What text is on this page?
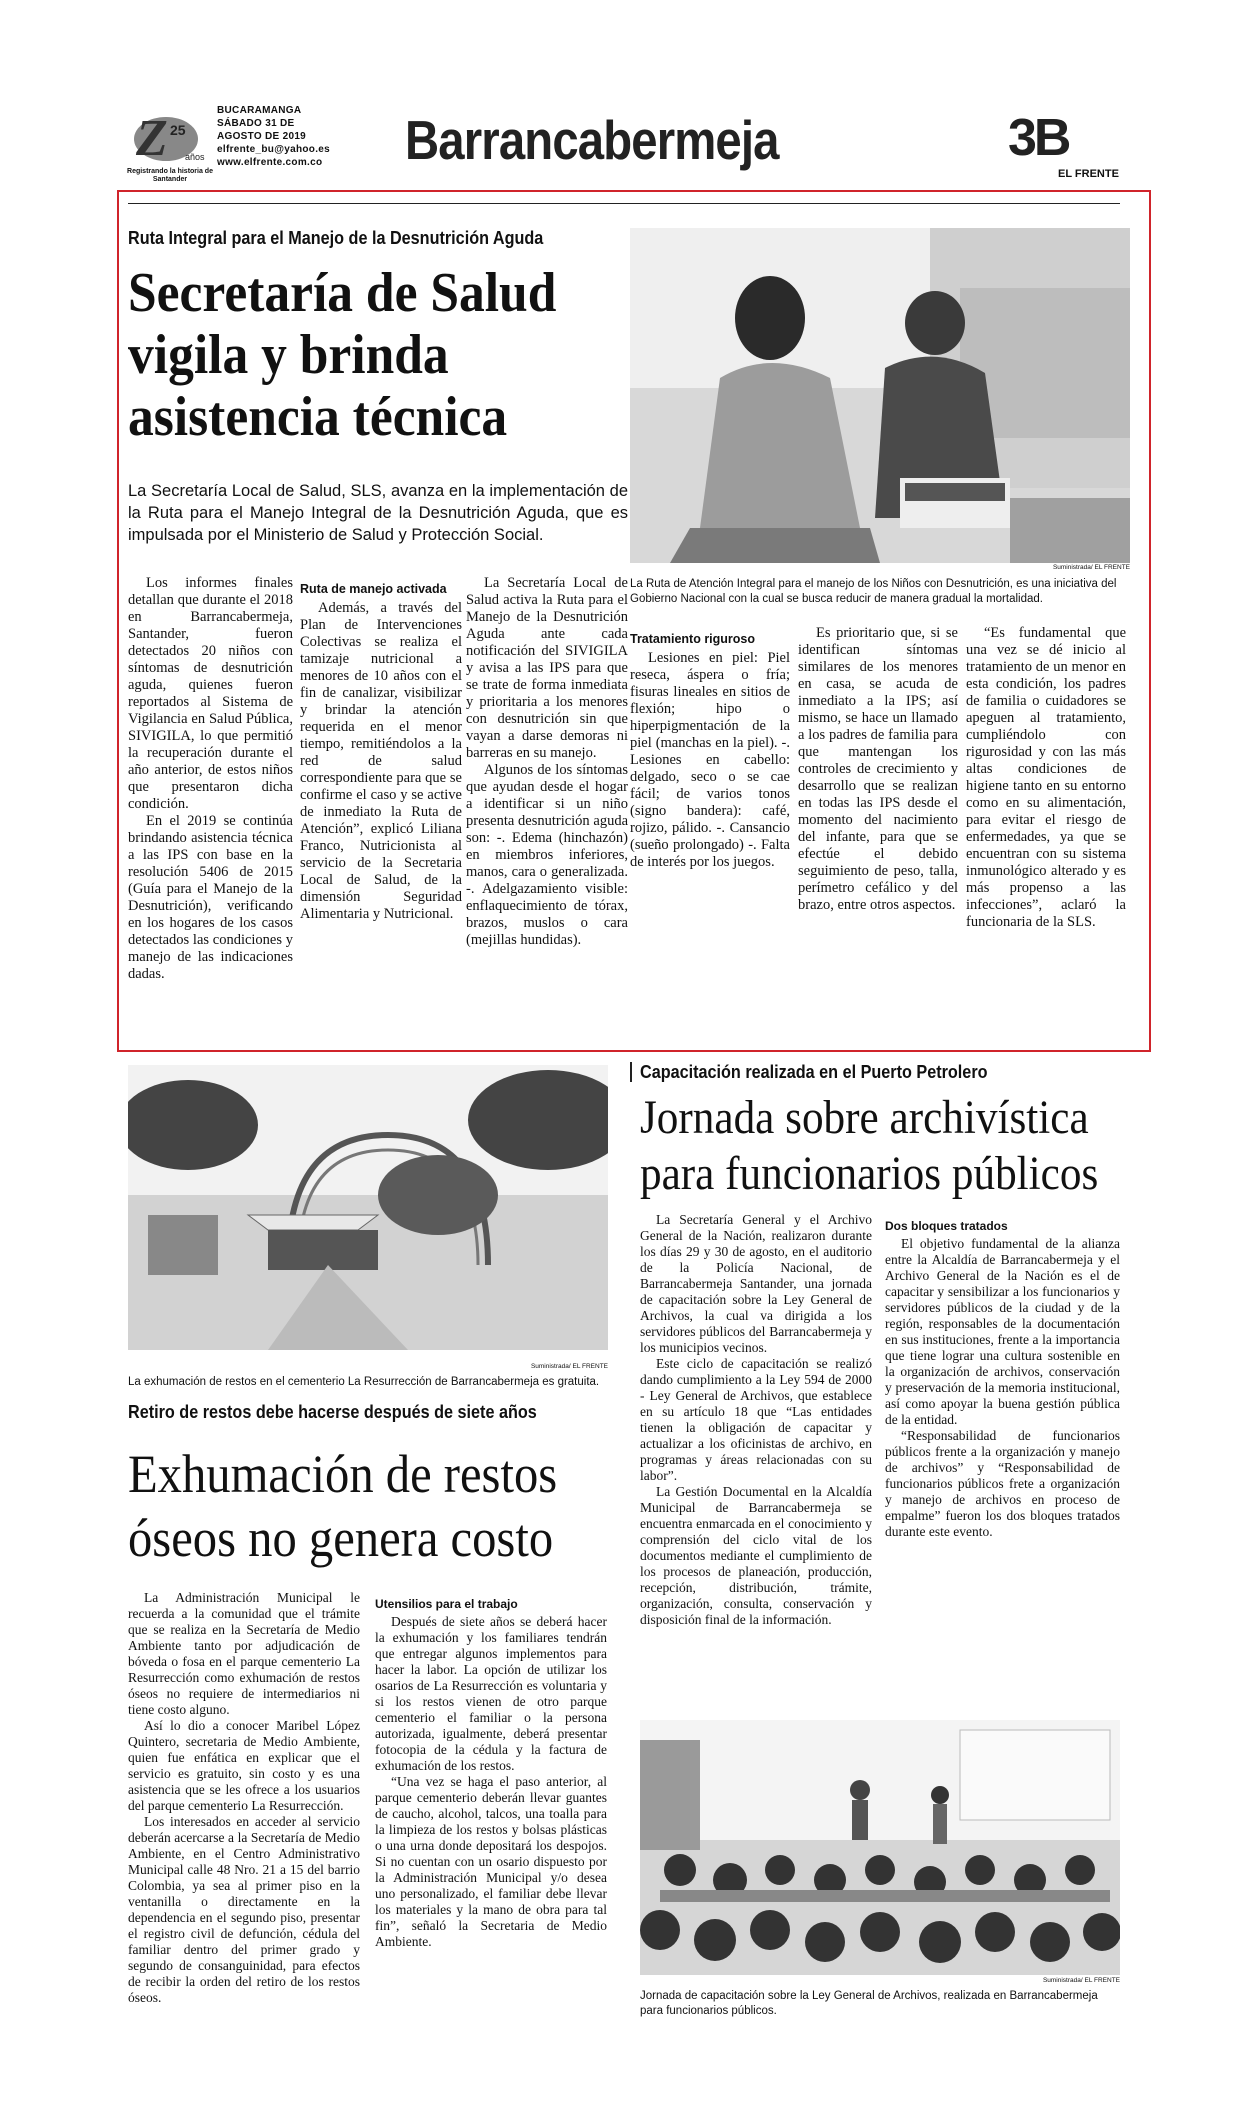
Z 25
años
Registrando la historia de Santander
BUCARAMANGA
SÁBADO 31 DE AGOSTO DE 2019
elfrente_bu@yahoo.es
www.elfrente.com.co Barrancabermeja	3B
EL FRENTE
Ruta Integral para el Manejo de la Desnutrición Aguda
Secretaría de Salud vigila y brinda asistencia técnica
La Secretaría Local de Salud, SLS, avanza en la implementación de la Ruta para el Manejo Integral de la Desnutrición Aguda, que es impulsada por el Ministerio de Salud y Protección Social.
Suministrada/ EL FRENTE
La Ruta de Atención Integral para el manejo de los Niños con Desnutrición, es una iniciativa del Gobierno Nacional con la cual se busca reducir de manera gradual la mortalidad.

Los informes finales detallan que durante el 2018 en Barrancabermeja, Santander, fueron detectados 20 niños con síntomas de desnutrición aguda, quienes fueron reportados al Sistema de Vigilancia en Salud Pública, SIVIGILA, lo que permitió la recuperación durante el año anterior, de estos niños que presentaron dicha condición.

En el 2019 se continúa brindando asistencia técnica a las IPS con base en la resolución 5406 de 2015 (Guía para el Manejo de la Desnutrición), verificando en los hogares de los casos detectados las condiciones y manejo de las indicaciones dadas.

Ruta de manejo activada

Además, a través del Plan de Intervenciones Colectivas se realiza el tamizaje nutricional a menores de 10 años con el fin de canalizar, visibilizar y brindar la atención requerida en el menor tiempo, remitiéndolos a la red de salud correspondiente para que se confirme el caso y se active de inmediato la Ruta de Atención”, explicó Liliana Franco, Nutricionista al servicio de la Secretaria Local de Salud, de la dimensión Seguridad Alimentaria y Nutricional.

La Secretaría Local de Salud activa la Ruta para el Manejo de la Desnutrición Aguda ante cada notificación del SIVIGILA y avisa a las IPS para que se trate de forma inmediata y prioritaria a los menores con desnutrición sin que vayan a darse demoras ni barreras en su manejo.

Algunos de los síntomas que ayudan desde el hogar a identificar si un niño presenta desnutrición aguda son: -. Edema (hinchazón) en miembros inferiores, manos, cara o generalizada. -. Adelgazamiento visible: enflaquecimiento de tórax, brazos, muslos o cara (mejillas hundidas).

Tratamiento riguroso

Lesiones en piel: Piel reseca, áspera o fría; fisuras lineales en sitios de flexión; hipo o hiperpigmentación de la piel (manchas en la piel). -. Lesiones en cabello: delgado, seco o se cae fácil; de varios tonos (signo bandera): café, rojizo, pálido. -. Cansancio (sueño prolongado) -. Falta de interés por los juegos.

Es prioritario que, si se identifican síntomas similares de los menores en casa, se acuda de inmediato a la IPS; así mismo, se hace un llamado a los padres de familia para que mantengan los controles de crecimiento y desarrollo que se realizan en todas las IPS desde el momento del nacimiento del infante, para que se efectúe el debido seguimiento de peso, talla, perímetro cefálico y del brazo, entre otros aspectos.

“Es fundamental que una vez se dé inicio al tratamiento de un menor en esta condición, los padres de familia o cuidadores se apeguen al tratamiento, cumpliéndolo con rigurosidad y con las más altas condiciones de higiene tanto en su entorno como en su alimentación, para evitar el riesgo de enfermedades, ya que se encuentran con su sistema inmunológico alterado y es más propenso a las infecciones”, aclaró la funcionaria de la SLS.

Suministrada/ EL FRENTE
La exhumación de restos en el cementerio La Resurrección de Barrancabermeja es gratuita.
Retiro de restos debe hacerse después de siete años
Exhumación de restos óseos no genera costo

La Administración Municipal le recuerda a la comunidad que el trámite que se realiza en la Secretaría de Medio Ambiente tanto por adjudicación de bóveda o fosa en el parque cementerio La Resurrección como exhumación de restos óseos no requiere de intermediarios ni tiene costo alguno.

Así lo dio a conocer Maribel López Quintero, secretaria de Medio Ambiente, quien fue enfática en explicar que el servicio es gratuito, sin costo y es una asistencia que se les ofrece a los usuarios del parque cementerio La Resurrección.

Los interesados en acceder al servicio deberán acercarse a la Secretaría de Medio Ambiente, en el Centro Administrativo Municipal calle 48 Nro. 21 a 15 del barrio Colombia, ya sea al primer piso en la ventanilla o directamente en la dependencia en el segundo piso, presentar el registro civil de defunción, cédula del familiar dentro del primer grado y segundo de consanguinidad, para efectos de recibir la orden del retiro de los restos óseos.

Utensilios para el trabajo

Después de siete años se deberá hacer la exhumación y los familiares tendrán que entregar algunos implementos para hacer la labor. La opción de utilizar los osarios de La Resurrección es voluntaria y si los restos vienen de otro parque cementerio el familiar o la persona autorizada, igualmente, deberá presentar fotocopia de la cédula y la factura de exhumación de los restos.

“Una vez se haga el paso anterior, al parque cementerio deberán llevar guantes de caucho, alcohol, talcos, una toalla para la limpieza de los restos y bolsas plásticas o una urna donde depositará los despojos. Si no cuentan con un osario dispuesto por la Administración Municipal y/o desea uno personalizado, el familiar debe llevar los materiales y la mano de obra para tal fin”, señaló la Secretaria de Medio Ambiente.

Capacitación realizada en el Puerto Petrolero
Jornada sobre archivística para funcionarios públicos

La Secretaría General y el Archivo General de la Nación, realizaron durante los días 29 y 30 de agosto, en el auditorio de la Policía Nacional, de Barrancabermeja Santander, una jornada de capacitación sobre la Ley General de Archivos, la cual va dirigida a los servidores públicos del Barrancabermeja y los municipios vecinos.

Este ciclo de capacitación se realizó dando cumplimiento a la Ley 594 de 2000 - Ley General de Archivos, que establece en su artículo 18 que “Las entidades tienen la obligación de capacitar y actualizar a los oficinistas de archivo, en programas y áreas relacionadas con su labor”.

La Gestión Documental en la Alcaldía Municipal de Barrancabermeja se encuentra enmarcada en el conocimiento y comprensión del ciclo vital de los documentos mediante el cumplimiento de los procesos de planeación, producción, recepción, distribución, trámite, organización, consulta, conservación y disposición final de la información.

Dos bloques tratados

El objetivo fundamental de la alianza entre la Alcaldía de Barrancabermeja y el Archivo General de la Nación es el de capacitar y sensibilizar a los funcionarios y servidores públicos de la ciudad y de la región, responsables de la documentación en sus instituciones, frente a la importancia que tiene lograr una cultura sostenible en la organización de archivos, conservación y preservación de la memoria institucional, así como apoyar la buena gestión pública de la entidad.

“Responsabilidad de funcionarios públicos frente a la organización y manejo de archivos” y “Responsabilidad de funcionarios públicos frete a organización y manejo de archivos en proceso de empalme” fueron los dos bloques tratados durante este evento.

Suministrada/ EL FRENTE
Jornada de capacitación sobre la Ley General de Archivos, realizada en Barrancabermeja para funcionarios públicos.
